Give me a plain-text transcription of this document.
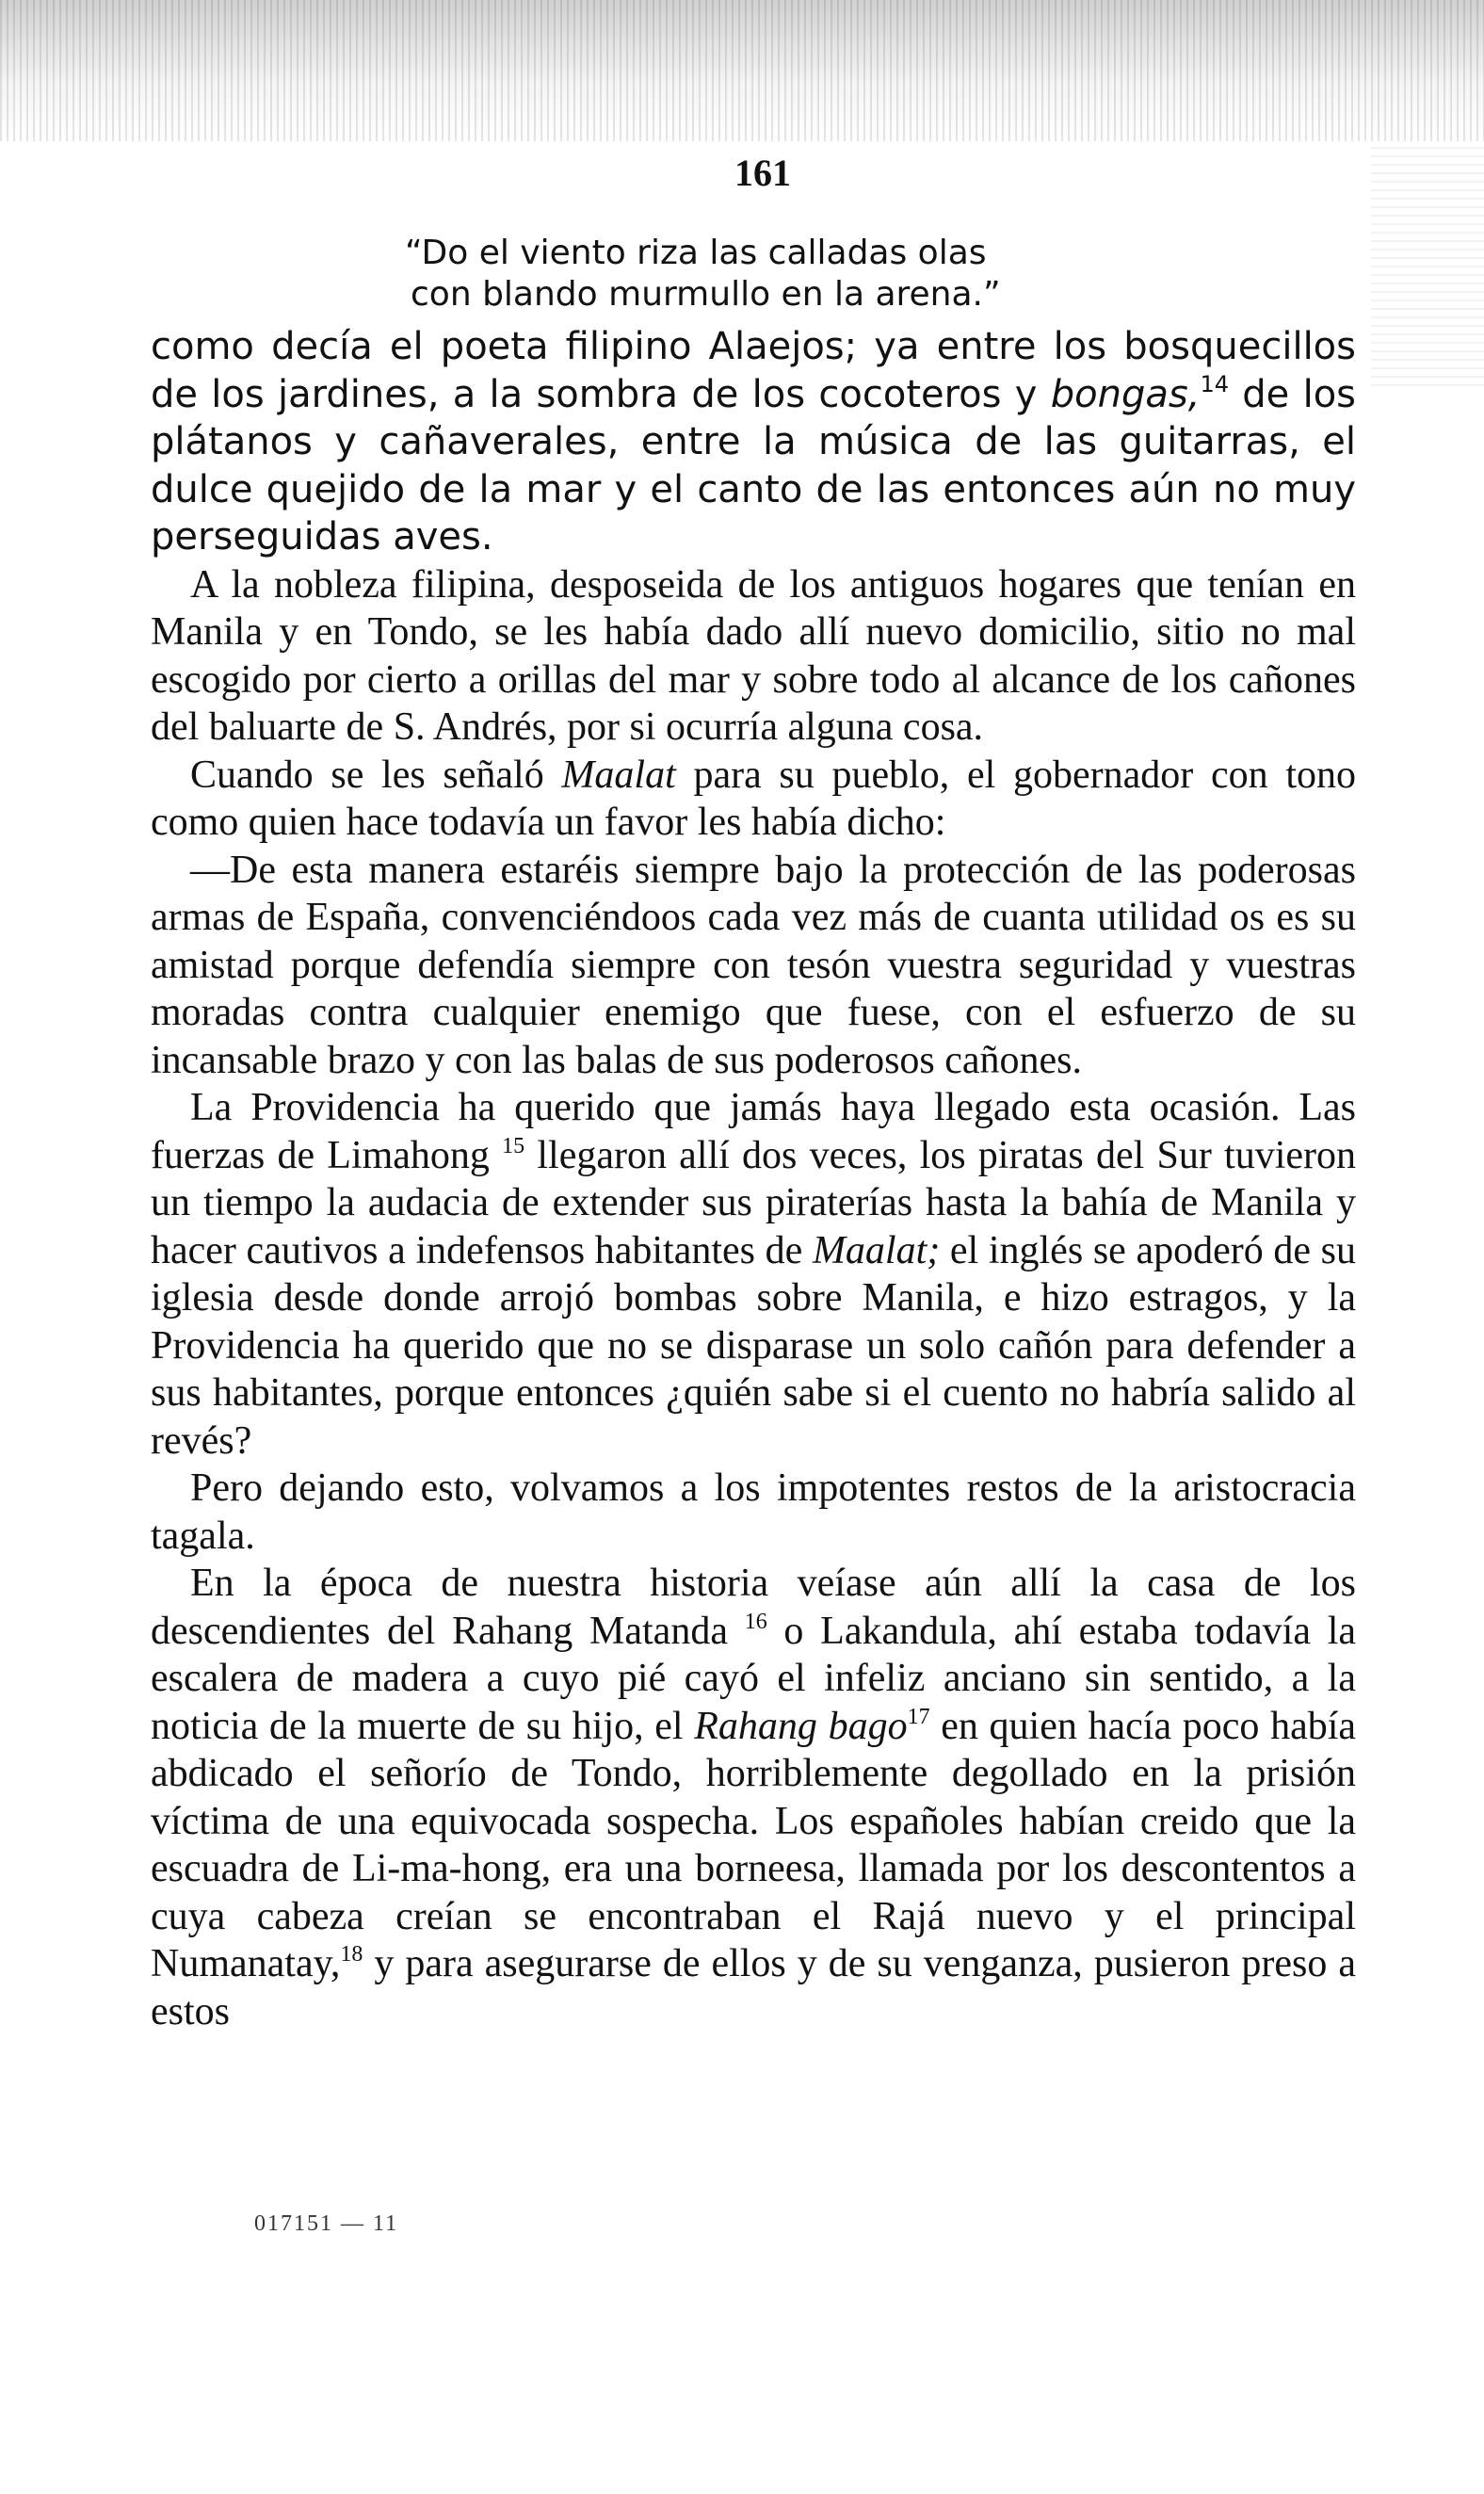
161
“Do el viento riza las calladas olas
con blando murmullo en la arena.”

como decía el poeta filipino Alaejos; ya entre los bosquecillos de los jardines, a la sombra de los cocoteros y bongas,$^{14}$ de los plátanos y cañaverales, entre la música de las guitarras, el dulce quejido de la mar y el canto de las entonces aún no muy perseguidas aves.

A la nobleza filipina, desposeida de los antiguos hogares que tenían en Manila y en Tondo, se les había dado allí nuevo domicilio, sitio no mal escogido por cierto a orillas del mar y sobre todo al alcance de los cañones del baluarte de S. Andrés, por si ocurría alguna cosa.

Cuando se les señaló Maalat para su pueblo, el gobernador con tono como quien hace todavía un favor les había dicho:

—De esta manera estaréis siempre bajo la protección de las poderosas armas de España, convenciéndoos cada vez más de cuanta utilidad os es su amistad porque defendía siempre con tesón vuestra seguridad y vuestras moradas contra cualquier enemigo que fuese, con el esfuerzo de su incansable brazo y con las balas de sus poderosos cañones.

La Providencia ha querido que jamás haya llegado esta ocasión. Las fuerzas de Limahong $^{15}$ llegaron allí dos veces, los piratas del Sur tuvieron un tiempo la audacia de extender sus piraterías hasta la bahía de Manila y hacer cautivos a indefensos habitantes de Maalat; el inglés se apoderó de su iglesia desde donde arrojó bombas sobre Manila, e hizo estragos, y la Providencia ha querido que no se disparase un solo cañón para defender a sus habitantes, porque entonces ¿quién sabe si el cuento no habría salido al revés?

Pero dejando esto, volvamos a los impotentes restos de la aristocracia tagala.

En la época de nuestra historia veíase aún allí la casa de los descendientes del Rahang Matanda $^{16}$ o Lakandula, ahí estaba todavía la escalera de madera a cuyo pié cayó el infeliz anciano sin sentido, a la noticia de la muerte de su hijo, el Rahang bago$^{17}$ en quien hacía poco había abdicado el señorío de Tondo, horriblemente degollado en la prisión víctima de una equivocada sospecha. Los españoles habían creido que la escuadra de Li-ma-hong, era una borneesa, llamada por los descontentos a cuya cabeza creían se encontraban el Rajá nuevo y el principal Numanatay,$^{18}$ y para asegurarse de ellos y de su venganza, pusieron preso a estos

017151 — 11
